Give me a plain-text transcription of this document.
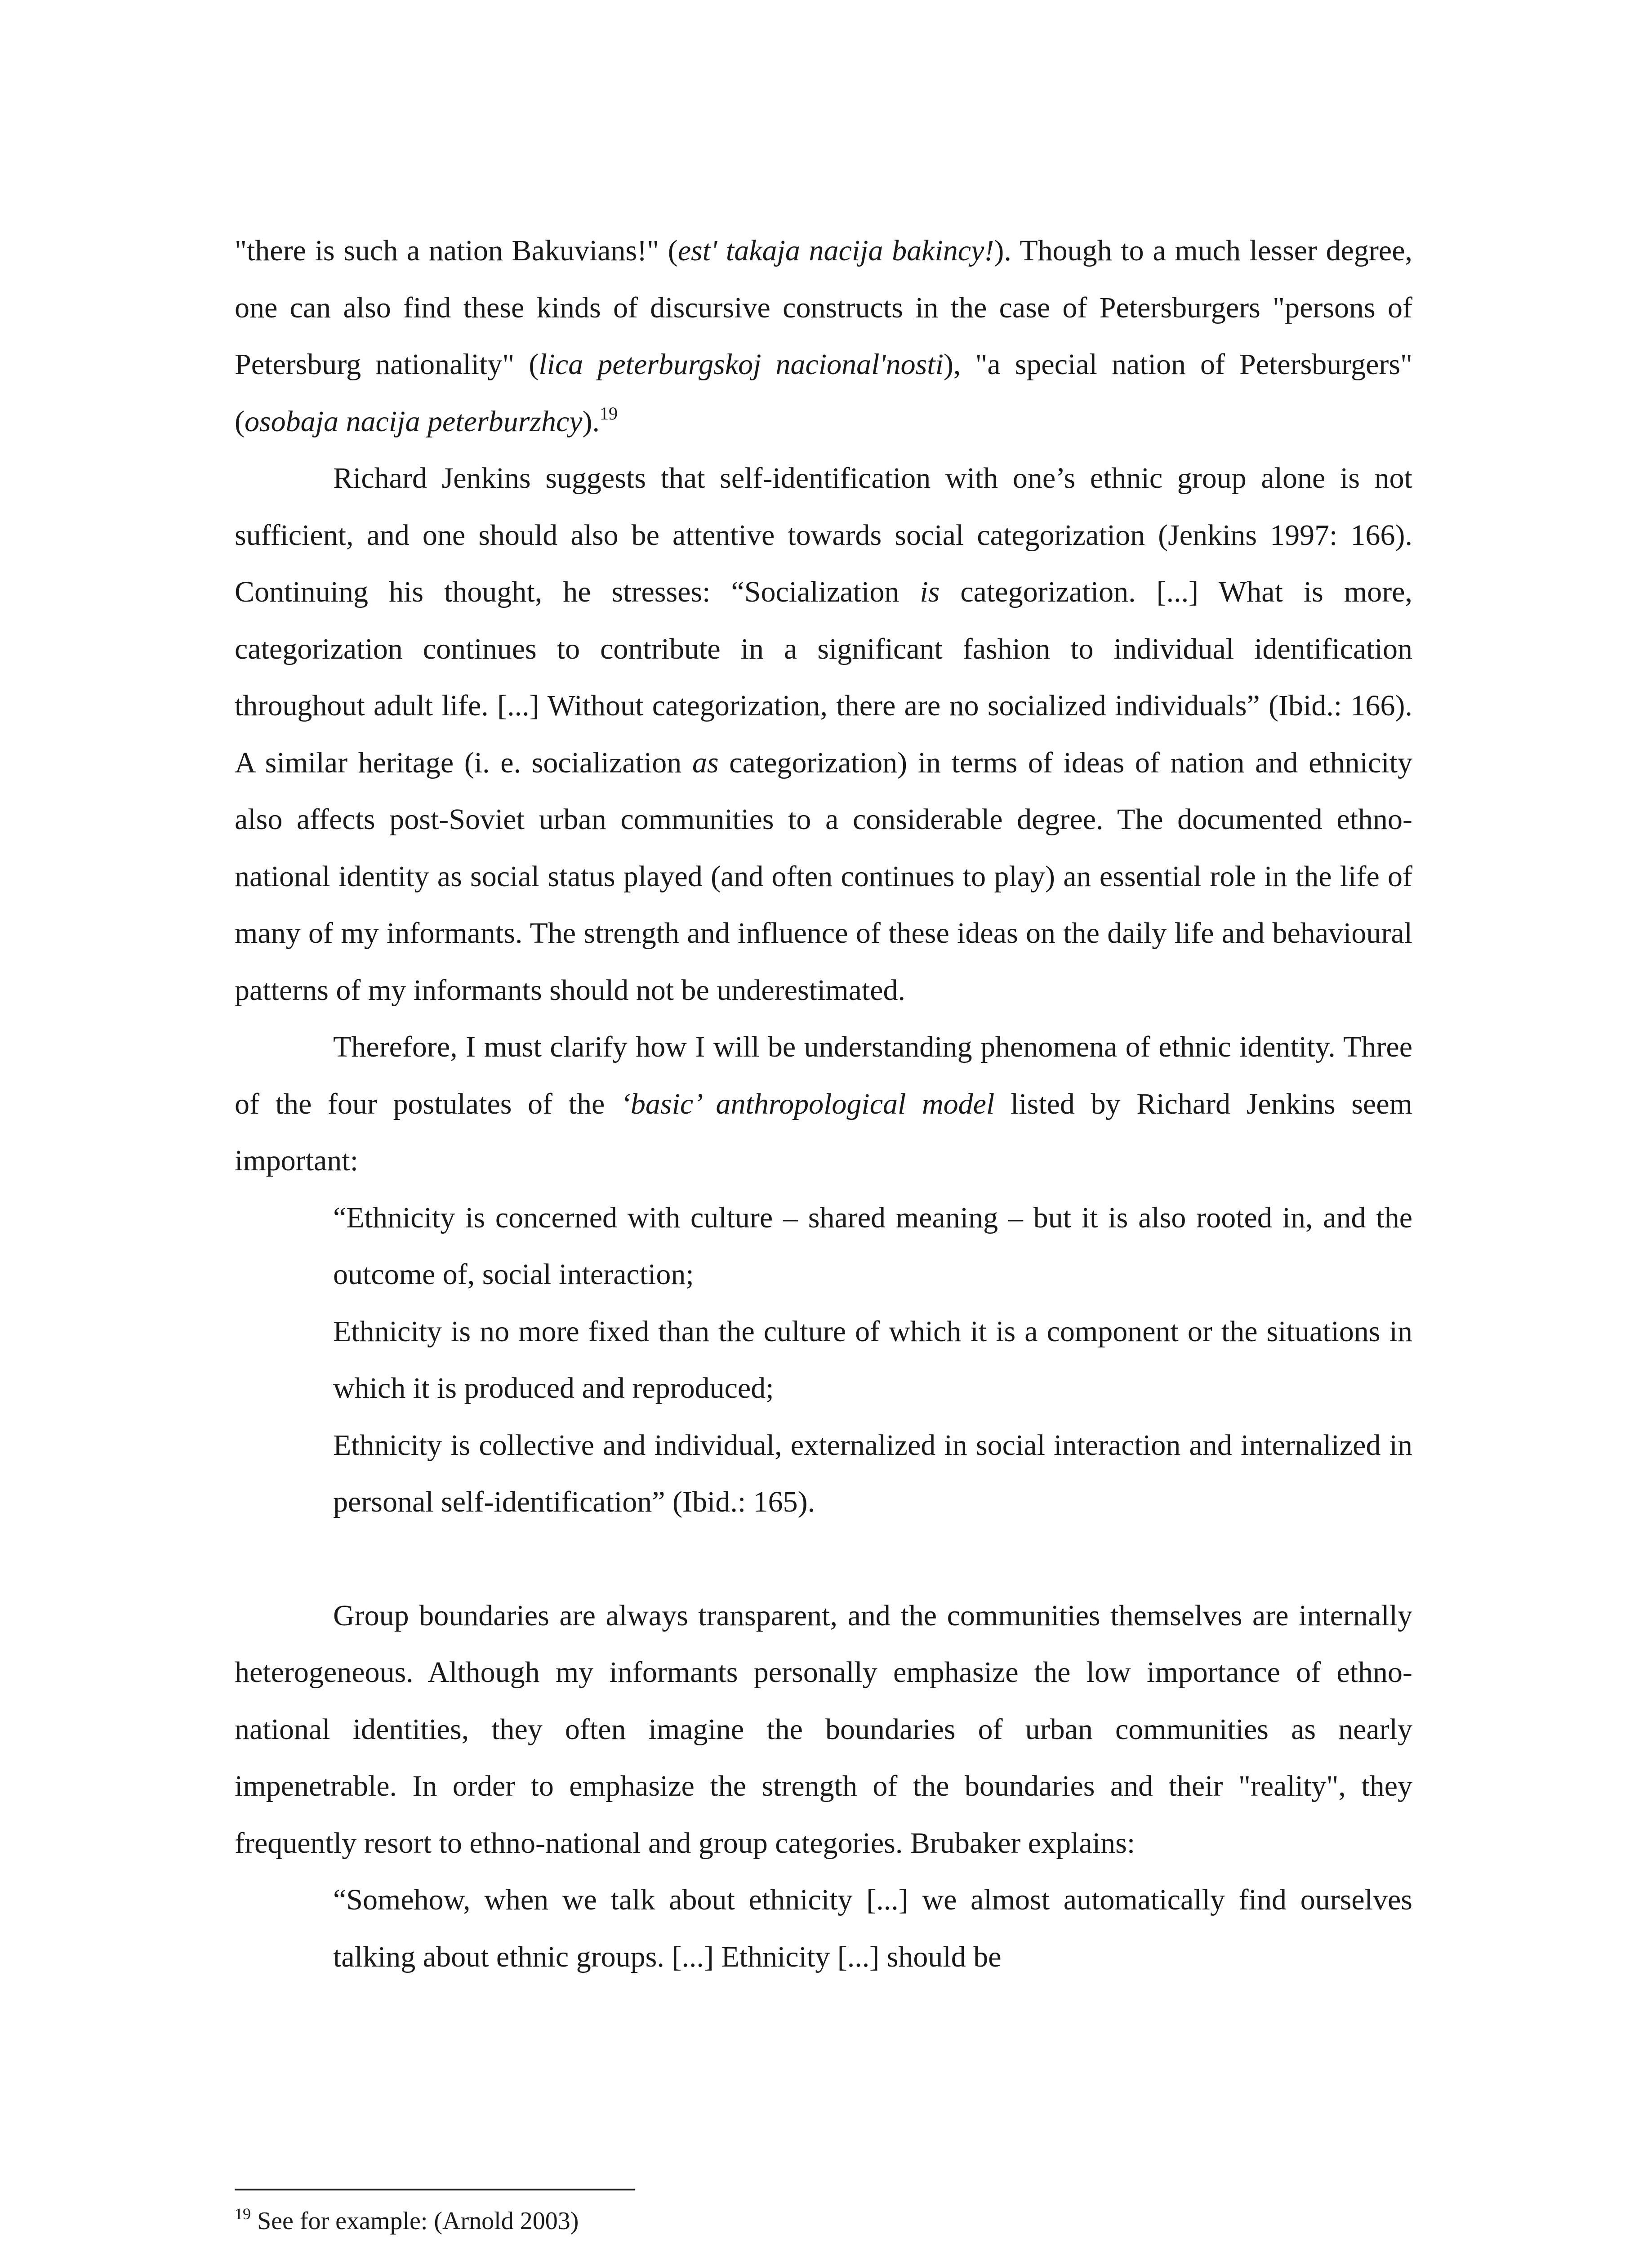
"there is such a nation Bakuvians!" (est' takaja nacija bakincy!). Though to a much lesser degree, one can also find these kinds of discursive constructs in the case of Petersburgers "persons of Petersburg nationality" (lica peterburgskoj nacional'nosti), "a special nation of Petersburgers" (osobaja nacija peterburzhcy).$^{19}$

Richard Jenkins suggests that self-identification with one’s ethnic group alone is not sufficient, and one should also be attentive towards social categorization (Jenkins 1997: 166). Continuing his thought, he stresses: “Socialization is categorization. [...] What is more, categorization continues to contribute in a significant fashion to individual identification throughout adult life. [...] Without categorization, there are no socialized individuals” (Ibid.: 166). A similar heritage (i. e. socialization as categorization) in terms of ideas of nation and ethnicity also affects post-Soviet urban communities to a considerable degree. The documented ethno-national identity as social status played (and often continues to play) an essential role in the life of many of my informants. The strength and influence of these ideas on the daily life and behavioural patterns of my informants should not be underestimated.

Therefore, I must clarify how I will be understanding phenomena of ethnic identity. Three of the four postulates of the ‘basic’ anthropological model listed by Richard Jenkins seem important:

“Ethnicity is concerned with culture – shared meaning – but it is also rooted in, and the outcome of, social interaction;

Ethnicity is no more fixed than the culture of which it is a component or the situations in which it is produced and reproduced;

Ethnicity is collective and individual, externalized in social interaction and internalized in personal self-identification” (Ibid.: 165).

Group boundaries are always transparent, and the communities themselves are internally heterogeneous. Although my informants personally emphasize the low importance of ethno-national identities, they often imagine the boundaries of urban communities as nearly impenetrable. In order to emphasize the strength of the boundaries and their "reality", they frequently resort to ethno-national and group categories. Brubaker explains:

“Somehow, when we talk about ethnicity [...] we almost automatically find ourselves talking about ethnic groups. [...] Ethnicity [...] should be

$^{19}$ See for example: (Arnold 2003)
